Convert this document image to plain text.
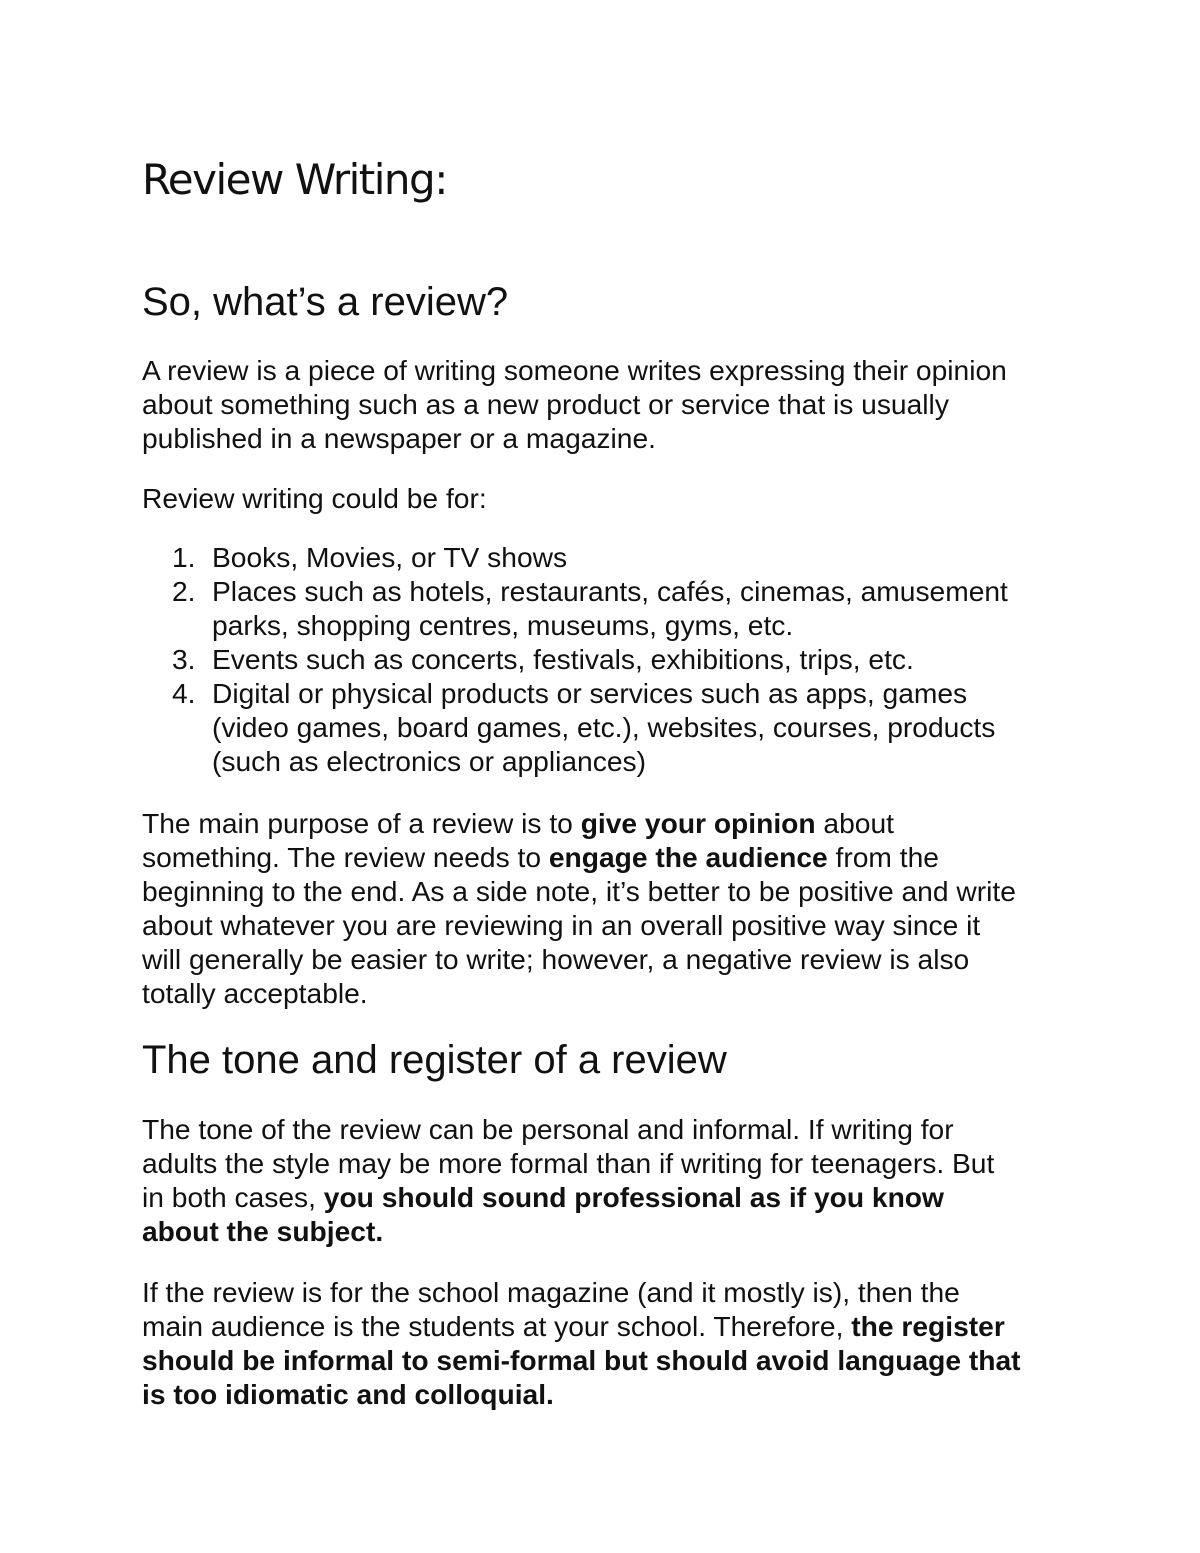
Review Writing:
So, what’s a review?

A review is a piece of writing someone writes expressing their opinion
about something such as a new product or service that is usually
published in a newspaper or a magazine.

Review writing could be for:

1. Books, Movies, or TV shows
2. Places such as hotels, restaurants, cafés, cinemas, amusement
parks, shopping centres, museums, gyms, etc.
3. Events such as concerts, festivals, exhibitions, trips, etc.
4. Digital or physical products or services such as apps, games
(video games, board games, etc.), websites, courses, products
(such as electronics or appliances)

The main purpose of a review is to give your opinion about
something. The review needs to engage the audience from the
beginning to the end. As a side note, it’s better to be positive and write
about whatever you are reviewing in an overall positive way since it
will generally be easier to write; however, a negative review is also
totally acceptable.

The tone and register of a review

The tone of the review can be personal and informal. If writing for
adults the style may be more formal than if writing for teenagers. But
in both cases, you should sound professional as if you know
about the subject.

If the review is for the school magazine (and it mostly is), then the
main audience is the students at your school. Therefore, the register
should be informal to semi-formal but should avoid language that
is too idiomatic and colloquial.
